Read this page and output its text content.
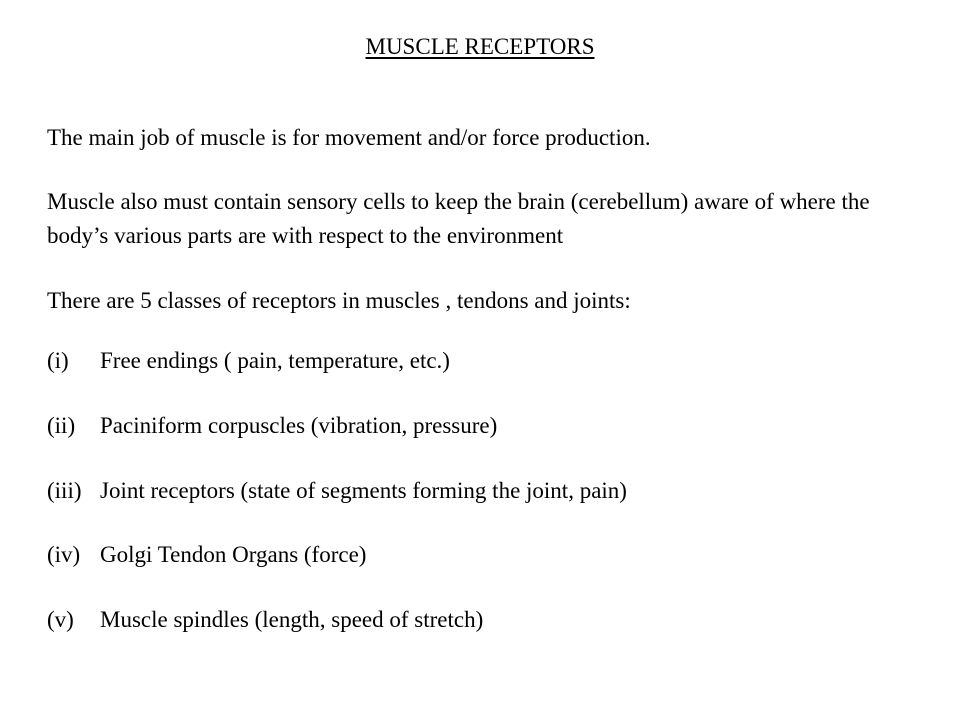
MUSCLE RECEPTORS

The main job of muscle is for movement and/or force production.

Muscle also must contain sensory cells to keep the brain (cerebellum) aware of where the body’s various parts are with respect to the environment

There are 5 classes of receptors in muscles , tendons and joints:

(i) Free endings ( pain, temperature, etc.)
(ii) Paciniform corpuscles (vibration, pressure)
(iii) Joint receptors (state of segments forming the joint, pain)
(iv) Golgi Tendon Organs (force)
(v) Muscle spindles (length, speed of stretch)
